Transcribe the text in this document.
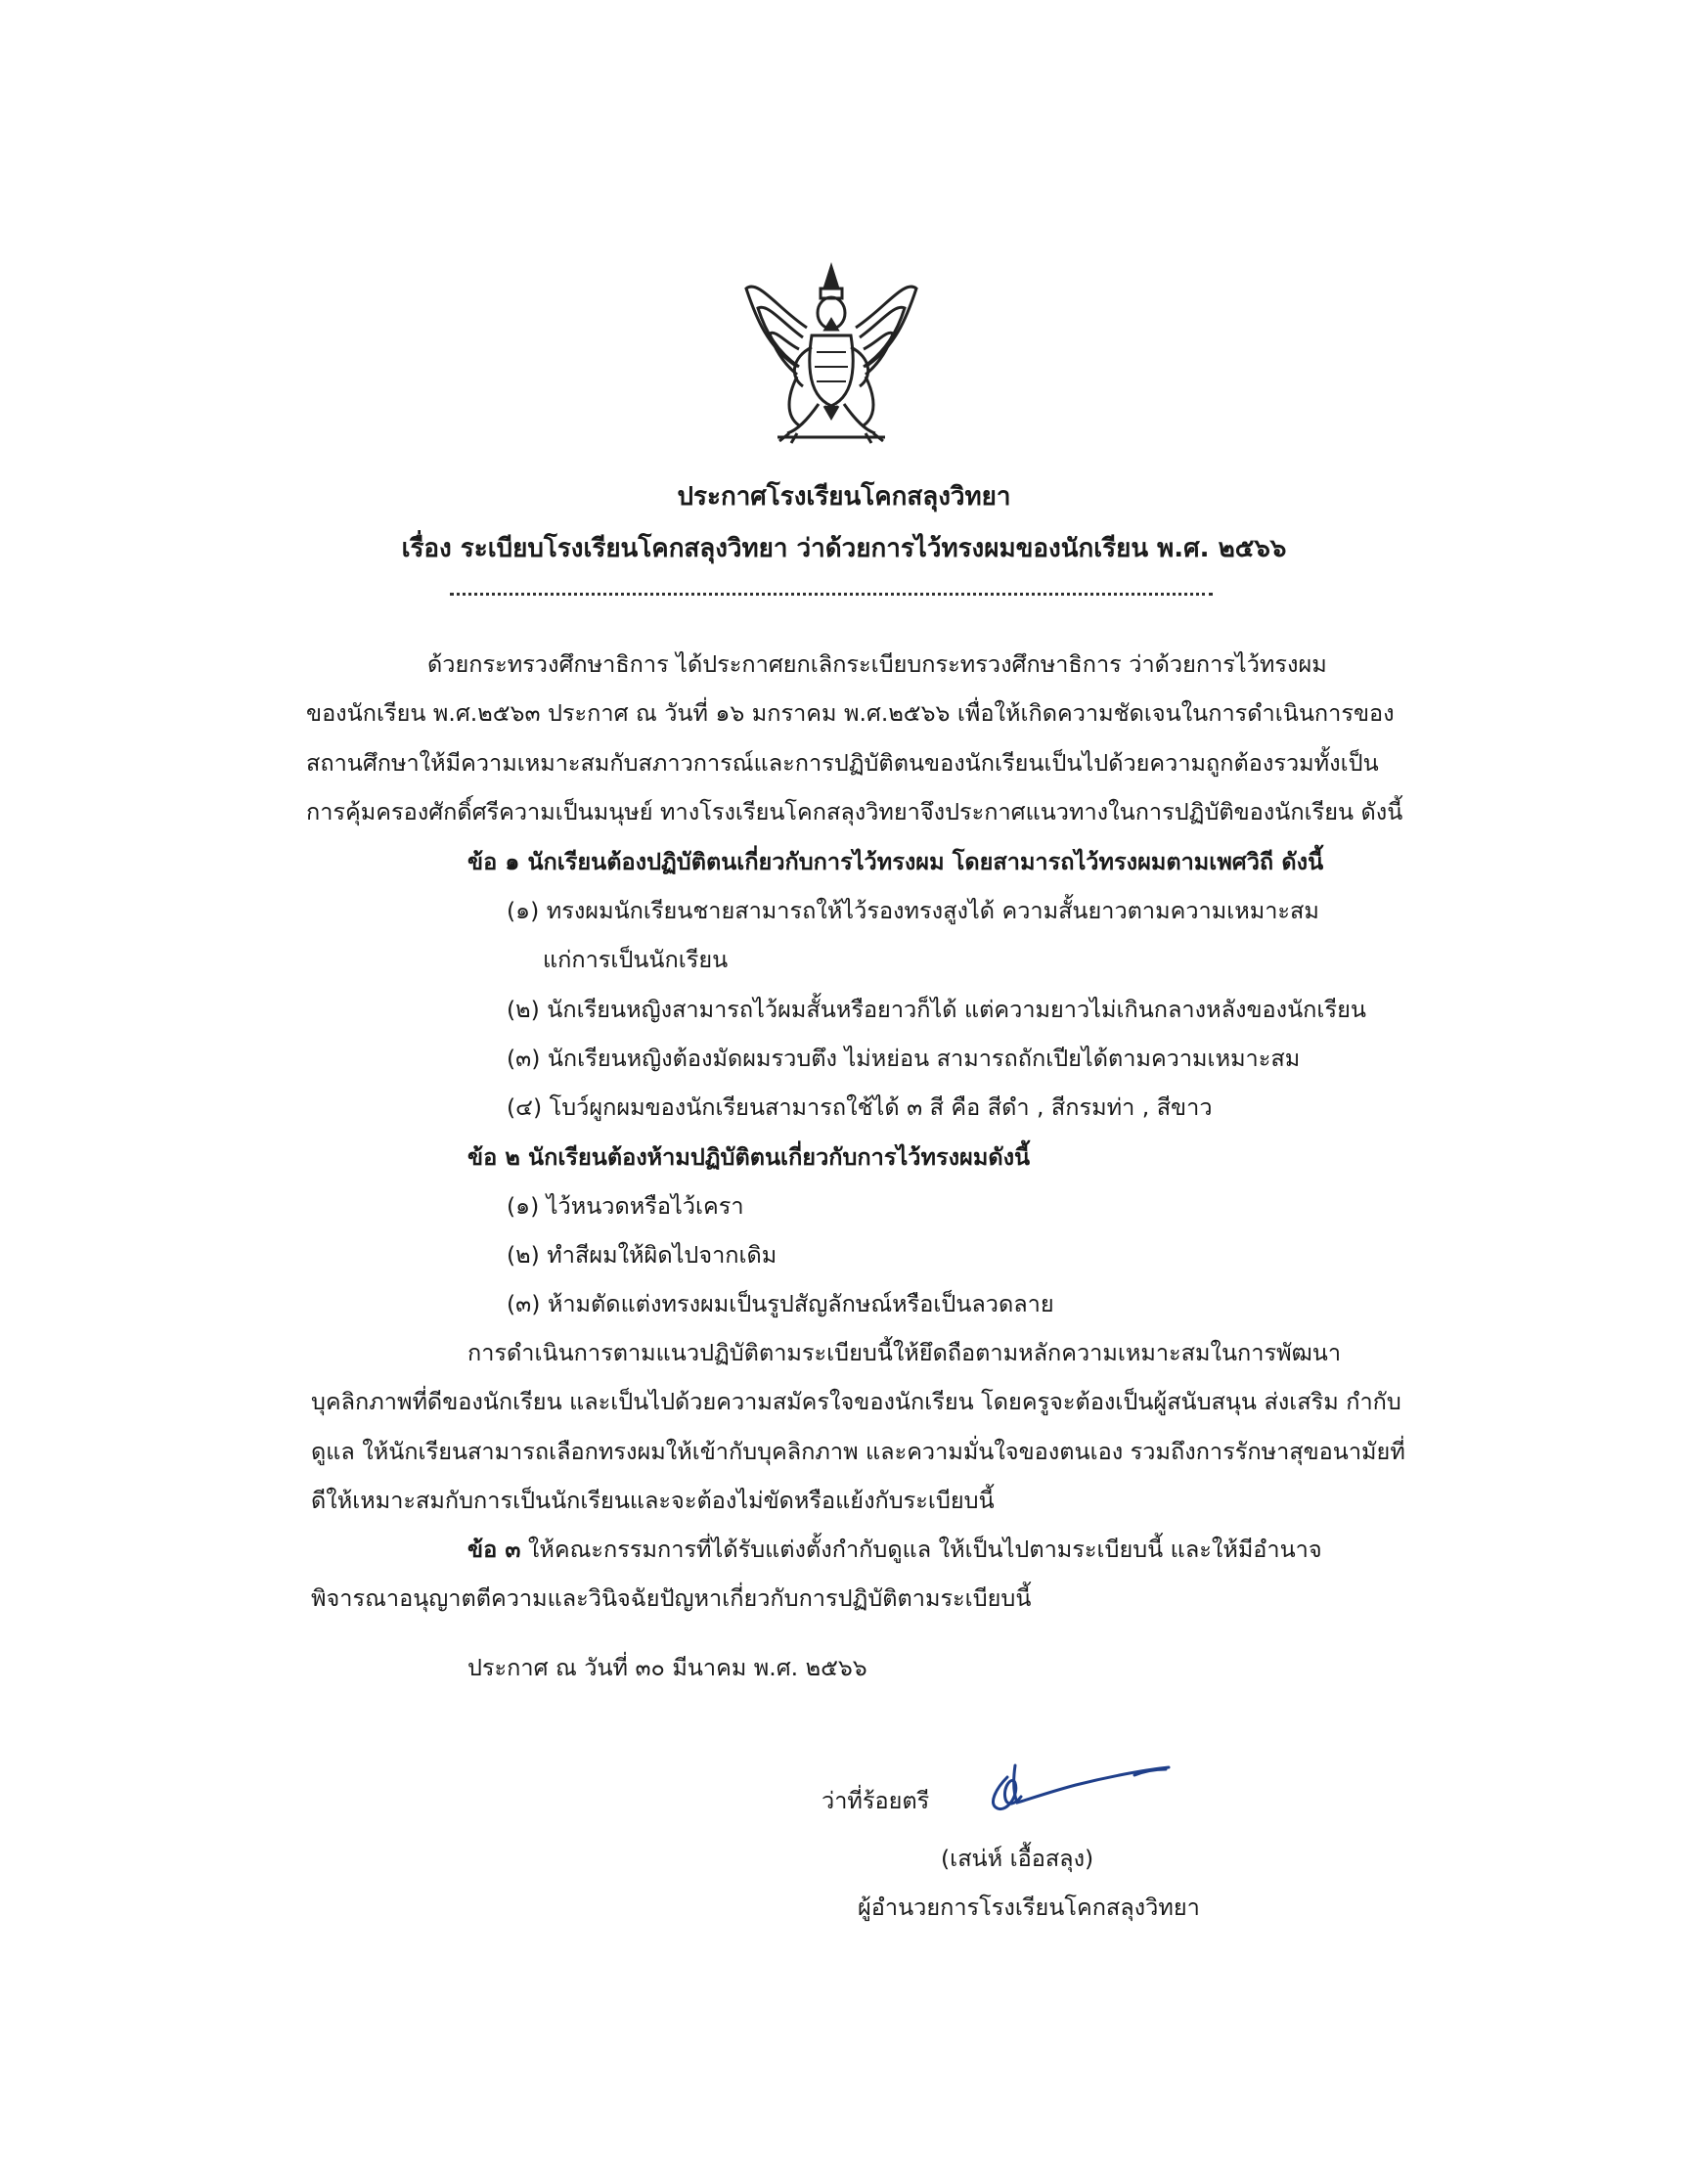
ประกาศโรงเรียนโคกสลุงวิทยา
เรื่อง ระเบียบโรงเรียนโคกสลุงวิทยา ว่าด้วยการไว้ทรงผมของนักเรียน พ.ศ. ๒๕๖๖
ด้วยกระทรวงศึกษาธิการ ได้ประกาศยกเลิกระเบียบกระทรวงศึกษาธิการ ว่าด้วยการไว้ทรงผม
ของนักเรียน พ.ศ.๒๕๖๓ ประกาศ ณ วันที่ ๑๖ มกราคม พ.ศ.๒๕๖๖ เพื่อให้เกิดความชัดเจนในการดำเนินการของ
สถานศึกษาให้มีความเหมาะสมกับสภาวการณ์และการปฏิบัติตนของนักเรียนเป็นไปด้วยความถูกต้องรวมทั้งเป็น
การคุ้มครองศักดิ์ศรีความเป็นมนุษย์ ทางโรงเรียนโคกสลุงวิทยาจึงประกาศแนวทางในการปฏิบัติของนักเรียน ดังนี้
ข้อ ๑ นักเรียนต้องปฏิบัติตนเกี่ยวกับการไว้ทรงผม โดยสามารถไว้ทรงผมตามเพศวิถี ดังนี้
(๑) ทรงผมนักเรียนชายสามารถให้ไว้รองทรงสูงได้ ความสั้นยาวตามความเหมาะสม
แก่การเป็นนักเรียน
(๒) นักเรียนหญิงสามารถไว้ผมสั้นหรือยาวก็ได้ แต่ความยาวไม่เกินกลางหลังของนักเรียน
(๓) นักเรียนหญิงต้องมัดผมรวบตึง ไม่หย่อน สามารถถักเปียได้ตามความเหมาะสม
(๔) โบว์ผูกผมของนักเรียนสามารถใช้ได้ ๓ สี คือ สีดำ , สีกรมท่า , สีขาว
ข้อ ๒ นักเรียนต้องห้ามปฏิบัติตนเกี่ยวกับการไว้ทรงผมดังนี้
(๑) ไว้หนวดหรือไว้เครา
(๒) ทำสีผมให้ผิดไปจากเดิม
(๓) ห้ามตัดแต่งทรงผมเป็นรูปสัญลักษณ์หรือเป็นลวดลาย
การดำเนินการตามแนวปฏิบัติตามระเบียบนี้ให้ยึดถือตามหลักความเหมาะสมในการพัฒนา
บุคลิกภาพที่ดีของนักเรียน และเป็นไปด้วยความสมัครใจของนักเรียน โดยครูจะต้องเป็นผู้สนับสนุน ส่งเสริม กำกับ
ดูแล ให้นักเรียนสามารถเลือกทรงผมให้เข้ากับบุคลิกภาพ และความมั่นใจของตนเอง รวมถึงการรักษาสุขอนามัยที่
ดีให้เหมาะสมกับการเป็นนักเรียนและจะต้องไม่ขัดหรือแย้งกับระเบียบนี้
ข้อ ๓ ให้คณะกรรมการที่ได้รับแต่งตั้งกำกับดูแล ให้เป็นไปตามระเบียบนี้ และให้มีอำนาจ
พิจารณาอนุญาตตีความและวินิจฉัยปัญหาเกี่ยวกับการปฏิบัติตามระเบียบนี้
ประกาศ ณ วันที่ ๓๐ มีนาคม พ.ศ. ๒๕๖๖
ว่าที่ร้อยตรี
(เสน่ห์ เอื้อสลุง)
ผู้อำนวยการโรงเรียนโคกสลุงวิทยา
